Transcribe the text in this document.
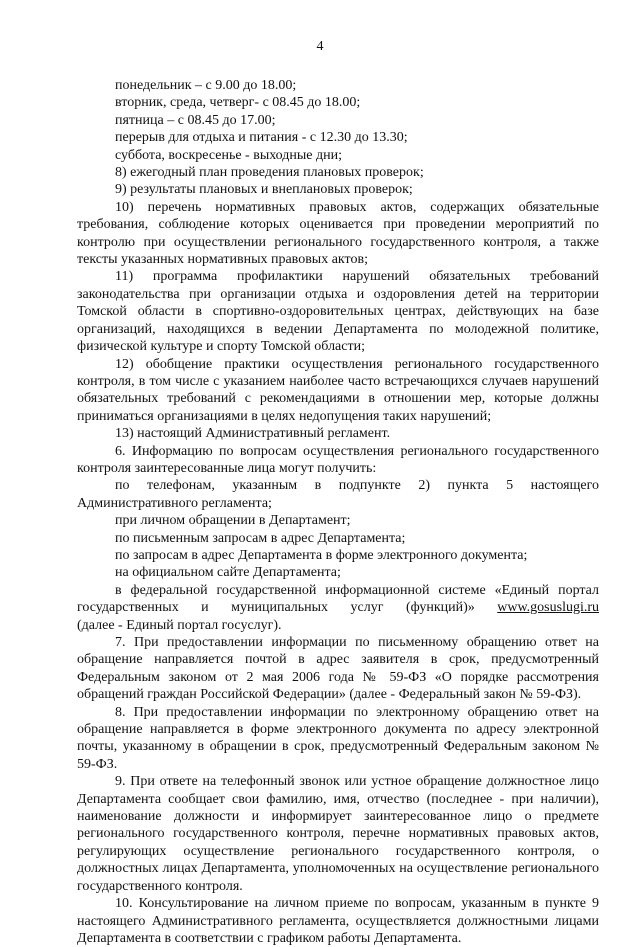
4

понедельник – с 9.00 до 18.00;

вторник, среда, четверг- с 08.45 до 18.00;

пятница – с 08.45 до 17.00;

перерыв для отдыха и питания - с 12.30 до 13.30;

суббота, воскресенье - выходные дни;

8) ежегодный план проведения плановых проверок;

9) результаты плановых и внеплановых проверок;

10) перечень нормативных правовых актов, содержащих обязательные требования, соблюдение которых оценивается при проведении мероприятий по контролю при осуществлении регионального государственного контроля, а также тексты указанных нормативных правовых актов;

11) программа профилактики нарушений обязательных требований законодательства при организации отдыха и оздоровления детей на территории Томской области в спортивно-оздоровительных центрах, действующих на базе организаций, находящихся в ведении Департамента по молодежной политике, физической культуре и спорту Томской области;

12) обобщение практики осуществления регионального государственного контроля, в том числе с указанием наиболее часто встречающихся случаев нарушений обязательных требований с рекомендациями в отношении мер, которые должны приниматься организациями в целях недопущения таких нарушений;

13) настоящий Административный регламент.

6. Информацию по вопросам осуществления регионального государственного контроля заинтересованные лица могут получить:

по телефонам, указанным в подпункте 2) пункта 5 настоящего Административного регламента;

при личном обращении в Департамент;

по письменным запросам в адрес Департамента;

по запросам в адрес Департамента в форме электронного документа;

на официальном сайте Департамента;

в федеральной государственной информационной системе «Единый портал государственных и муниципальных услуг (функций)» www.gosuslugi.ru

(далее - Единый портал госуслуг).

7. При предоставлении информации по письменному обращению ответ на обращение направляется почтой в адрес заявителя в срок, предусмотренный Федеральным законом от 2 мая 2006 года № 59-ФЗ «О порядке рассмотрения обращений граждан Российской Федерации» (далее - Федеральный закон № 59-ФЗ).

8. При предоставлении информации по электронному обращению ответ на обращение направляется в форме электронного документа по адресу электронной почты, указанному в обращении в срок, предусмотренный Федеральным законом № 59-ФЗ.

9. При ответе на телефонный звонок или устное обращение должностное лицо Департамента сообщает свои фамилию, имя, отчество (последнее - при наличии), наименование должности и информирует заинтересованное лицо о предмете регионального государственного контроля, перечне нормативных правовых актов, регулирующих осуществление регионального государственного контроля, о должностных лицах Департамента, уполномоченных на осуществление регионального государственного контроля.

10. Консультирование на личном приеме по вопросам, указанным в пункте 9 настоящего Административного регламента, осуществляется должностными лицами Департамента в соответствии с графиком работы Департамента.
